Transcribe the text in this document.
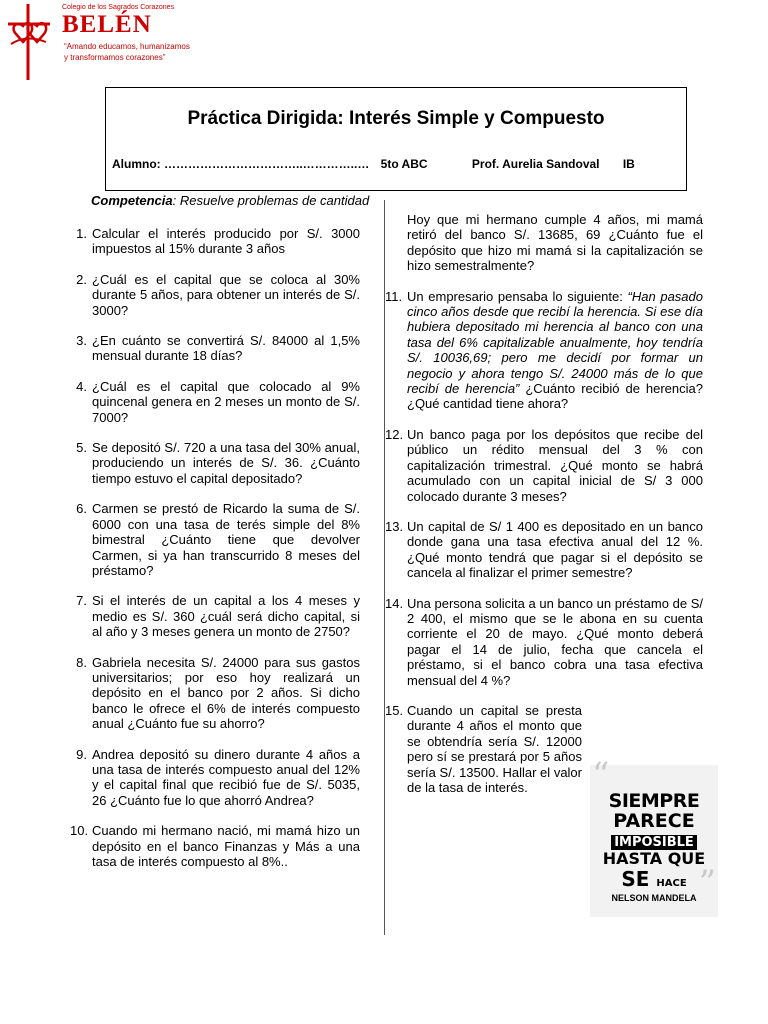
Colegio de los Sagrados Corazones
BELÉN
“Amando educamos, humanizamos
y transformamos corazones”
Práctica Dirigida: Interés Simple y Compuesto
Alumno: ……………………………..…………..… 5to ABC	Prof. Aurelia Sandoval IB
Competencia: Resuelve problemas de cantidad
1. Calcular el interés producido por S/. 3000 impuestos al 15% durante 3 años
2. ¿Cuál es el capital que se coloca al 30% durante 5 años, para obtener un interés de S/. 3000?
3. ¿En cuánto se convertirá S/. 84000 al 1,5% mensual durante 18 días?
4. ¿Cuál es el capital que colocado al 9% quincenal genera en 2 meses un monto de S/. 7000?
5. Se depositó S/. 720 a una tasa del 30% anual, produciendo un interés de S/. 36. ¿Cuánto tiempo estuvo el capital depositado?
6. Carmen se prestó de Ricardo la suma de S/. 6000 con una tasa de terés simple del 8% bimestral ¿Cuánto tiene que devolver Carmen, si ya han transcurrido 8 meses del préstamo?
7. Si el interés de un capital a los 4 meses y medio es S/. 360 ¿cuál será dicho capital, si al año y 3 meses genera un monto de 2750?
8. Gabriela necesita S/. 24000 para sus gastos universitarios; por eso hoy realizará un depósito en el banco por 2 años. Si dicho banco le ofrece el 6% de interés compuesto anual ¿Cuánto fue su ahorro?
9. Andrea depositó su dinero durante 4 años a una tasa de interés compuesto anual del 12% y el capital final que recibió fue de S/. 5035, 26 ¿Cuánto fue lo que ahorró Andrea?
10. Cuando mi hermano nació, mi mamá hizo un depósito en el banco Finanzas y Más a una tasa de interés compuesto al 8%..
Hoy que mi hermano cumple 4 años, mi mamá retiró del banco S/. 13685, 69 ¿Cuánto fue el depósito que hizo mi mamá si la capitalización se hizo semestralmente?
11. Un empresario pensaba lo siguiente: “Han pasado cinco años desde que recibí la herencia. Si ese día hubiera depositado mi herencia al banco con una tasa del 6% capitalizable anualmente, hoy tendría S/. 10036,69; pero me decidí por formar un negocio y ahora tengo S/. 24000 más de lo que recibí de herencia” ¿Cuánto recibió de herencia? ¿Qué cantidad tiene ahora?
12. Un banco paga por los depósitos que recibe del público un rédito mensual del 3 % con capitalización trimestral. ¿Qué monto se habrá acumulado con un capital inicial de S/ 3 000 colocado durante 3 meses?
13. Un capital de S/ 1 400 es depositado en un banco donde gana una tasa efectiva anual del 12 %. ¿Qué monto tendrá que pagar si el depósito se cancela al finalizar el primer semestre?
14. Una persona solicita a un banco un préstamo de S/ 2 400, el mismo que se le abona en su cuenta corriente el 20 de mayo. ¿Qué monto deberá pagar el 14 de julio, fecha que cancela el préstamo, si el banco cobra una tasa efectiva mensual del 4 %?
15. Cuando un capital se presta durante 4 años el monto que se obtendría sería S/. 12000 pero sí se prestará por 5 años sería S/. 13500. Hallar el valor de la tasa de interés.	“
SIEMPRE
PARECE
IMPOSIBLE
HASTA QUE
SE HACE
NELSON MANDELA ”
